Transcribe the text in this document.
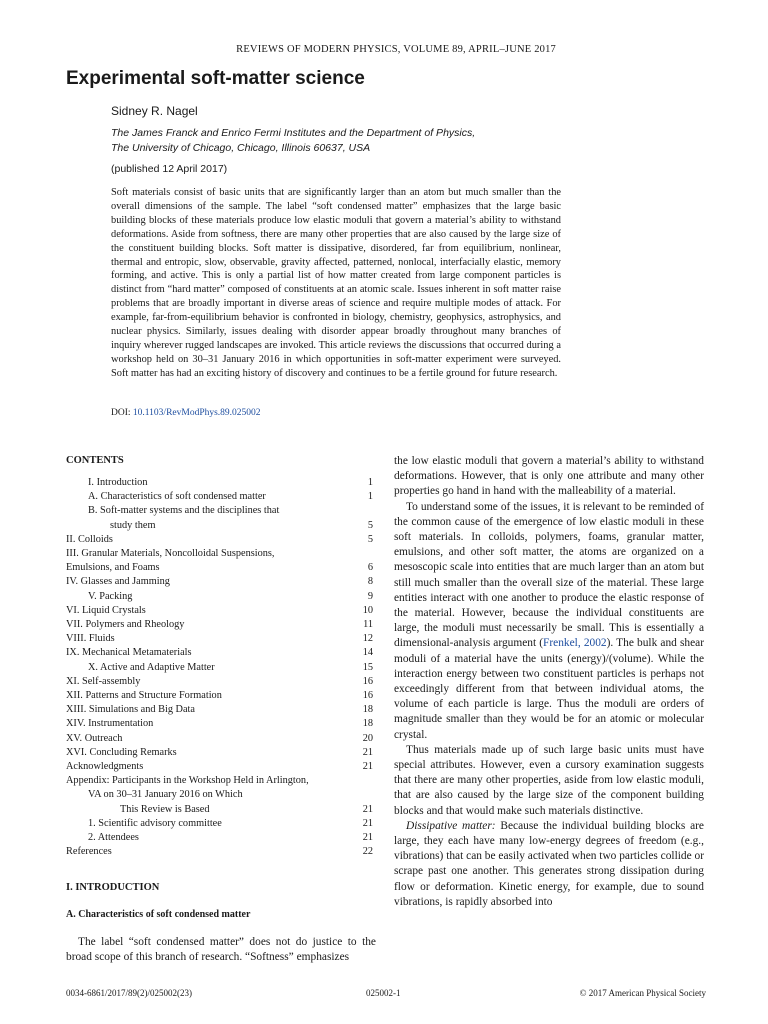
REVIEWS OF MODERN PHYSICS, VOLUME 89, APRIL–JUNE 2017
Experimental soft-matter science
Sidney R. Nagel
The James Franck and Enrico Fermi Institutes and the Department of Physics,
The University of Chicago, Chicago, Illinois 60637, USA
(published 12 April 2017)

Soft materials consist of basic units that are significantly larger than an atom but much smaller than the overall dimensions of the sample. The label “soft condensed matter” emphasizes that the large basic building blocks of these materials produce low elastic moduli that govern a material’s ability to withstand deformations. Aside from softness, there are many other properties that are also caused by the large size of the constituent building blocks. Soft matter is dissipative, disordered, far from equilibrium, nonlinear, thermal and entropic, slow, observable, gravity affected, patterned, nonlocal, interfacially elastic, memory forming, and active. This is only a partial list of how matter created from large component particles is distinct from “hard matter” composed of constituents at an atomic scale. Issues inherent in soft matter raise problems that are broadly important in diverse areas of science and require multiple modes of attack. For example, far-from-equilibrium behavior is confronted in biology, chemistry, geophysics, astrophysics, and nuclear physics. Similarly, issues dealing with disorder appear broadly throughout many branches of inquiry wherever rugged landscapes are invoked. This article reviews the discussions that occurred during a workshop held on 30–31 January 2016 in which opportunities in soft-matter experiment were surveyed. Soft matter has had an exciting history of discovery and continues to be a fertile ground for future research.

DOI: 10.1103/RevModPhys.89.025002
CONTENTS
I. Introduction	1
A. Characteristics of soft condensed matter	1
B. Soft-matter systems and the disciplines that
study them	5
II. Colloids	5
III. Granular Materials, Noncolloidal Suspensions,
Emulsions, and Foams	6
IV. Glasses and Jamming	8
V. Packing	9
VI. Liquid Crystals	10
VII. Polymers and Rheology	11
VIII. Fluids	12
IX. Mechanical Metamaterials	14
X. Active and Adaptive Matter	15
XI. Self-assembly	16
XII. Patterns and Structure Formation	16
XIII. Simulations and Big Data	18
XIV. Instrumentation	18
XV. Outreach	20
XVI. Concluding Remarks	21
Acknowledgments	21
Appendix: Participants in the Workshop Held in Arlington,
VA on 30–31 January 2016 on Which
This Review is Based	21
1. Scientific advisory committee	21
2. Attendees	21
References	22
I. INTRODUCTION
A. Characteristics of soft condensed matter

The label “soft condensed matter” does not do justice to the broad scope of this branch of research. “Softness” emphasizes

the low elastic moduli that govern a material’s ability to withstand deformations. However, that is only one attribute and many other properties go hand in hand with the malleability of a material.

To understand some of the issues, it is relevant to be reminded of the common cause of the emergence of low elastic moduli in these soft materials. In colloids, polymers, foams, granular matter, emulsions, and other soft matter, the atoms are organized on a mesoscopic scale into entities that are much larger than an atom but still much smaller than the overall size of the material. These large entities interact with one another to produce the elastic response of the material. However, because the individual constituents are large, the moduli must necessarily be small. This is essentially a dimensional-analysis argument (Frenkel, 2002). The bulk and shear moduli of a material have the units (energy)/(volume). While the interaction energy between two constituent particles is perhaps not exceedingly different from that between individual atoms, the volume of each particle is large. Thus the moduli are orders of magnitude smaller than they would be for an atomic or molecular crystal.

Thus materials made up of such large basic units must have special attributes. However, even a cursory examination suggests that there are many other properties, aside from low elastic moduli, that are also caused by the large size of the component building blocks and that would make such materials distinctive.

Dissipative matter: Because the individual building blocks are large, they each have many low-energy degrees of freedom (e.g., vibrations) that can be easily activated when two particles collide or scrape past one another. This generates strong dissipation during flow or deformation. Kinetic energy, for example, due to sound vibrations, is rapidly absorbed into

0034-6861/2017/89(2)/025002(23)	025002-1	© 2017 American Physical Society
